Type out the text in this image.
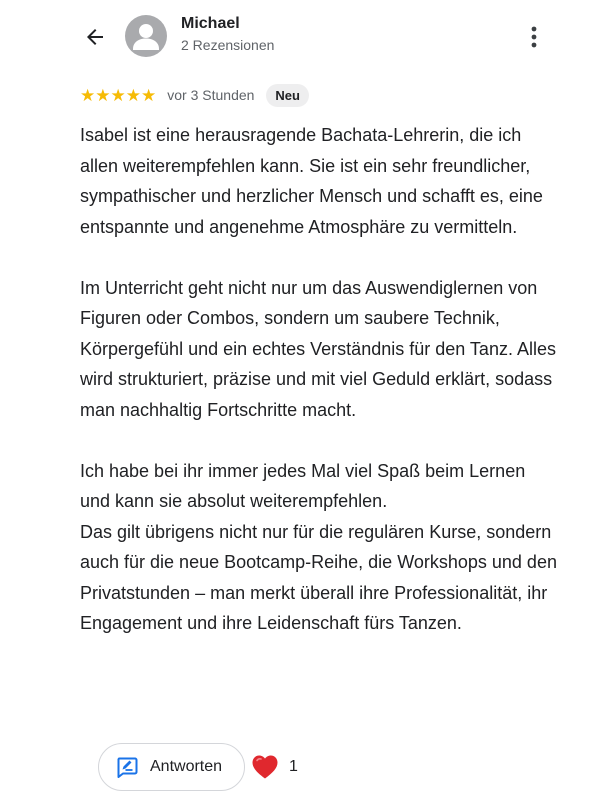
Michael
2 Rezensionen
★ ★ ★ ★ ★ vor 3 Stunden	Neu

Isabel ist eine herausragende Bachata-Lehrerin, die ich allen weiterempfehlen kann. Sie ist ein sehr freundlicher, sympathischer und herzlicher Mensch und schafft es, eine entspannte und angenehme Atmosphäre zu vermitteln.

Im Unterricht geht nicht nur um das Auswendiglernen von Figuren oder Combos, sondern um saubere Technik, Körpergefühl und ein echtes Verständnis für den Tanz. Alles wird strukturiert, präzise und mit viel Geduld erklärt, sodass man nachhaltig Fortschritte macht.

Ich habe bei ihr immer jedes Mal viel Spaß beim Lernen und kann sie absolut weiterempfehlen.
Das gilt übrigens nicht nur für die regulären Kurse, sondern auch für die neue Bootcamp-Reihe, die Workshops und den Privatstunden – man merkt überall ihre Professionalität, ihr Engagement und ihre Leidenschaft fürs Tanzen.

Antworten	1
